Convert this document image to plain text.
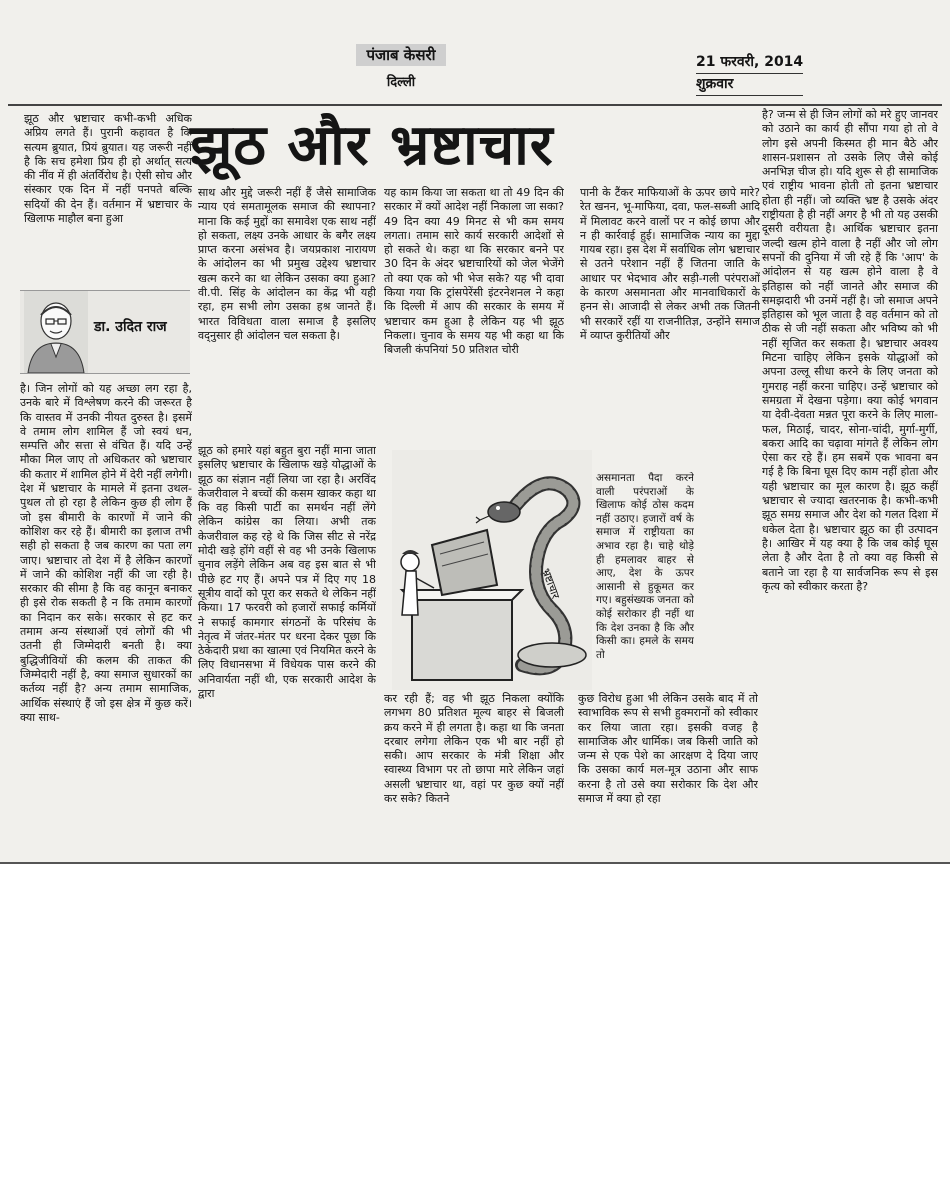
पंजाब केसरी
दिल्ली
21 फरवरी, 2014
शुक्रवार
झूठ और भ्रष्टाचार
झूठ और भ्रष्टाचार कभी-कभी अधिक अप्रिय लगते हैं। पुरानी कहावत है कि सत्यम ब्रुयात, प्रियं ब्रुयात। यह जरूरी नहीं है कि सच हमेशा प्रिय ही हो अर्थात् सत्य की नींव में ही अंतर्विरोध है। ऐसी सोच और संस्कार एक दिन में नहीं पनपते बल्कि सदियों की देन हैं। वर्तमान में भ्रष्टाचार के खिलाफ माहौल बना हुआ
डा. उदित राज
है। जिन लोगों को यह अच्छा लग रहा है, उनके बारे में विश्लेषण करने की जरूरत है कि वास्तव में उनकी नीयत दुरुस्त है। इसमें वे तमाम लोग शामिल हैं जो स्वयं धन, सम्पत्ति और सत्ता से वंचित हैं। यदि उन्हें मौका मिल जाए तो अधिकतर को भ्रष्टाचार की कतार में शामिल होने में देरी नहीं लगेगी। देश में भ्रष्टाचार के मामले में इतना उथल-पुथल तो हो रहा है लेकिन कुछ ही लोग हैं जो इस बीमारी के कारणों में जाने की कोशिश कर रहे हैं। बीमारी का इलाज तभी सही हो सकता है जब कारण का पता लग जाए। भ्रष्टाचार तो देश में है लेकिन कारणों में जाने की कोशिश नहीं की जा रही है। सरकार की सीमा है कि वह कानून बनाकर ही इसे रोक सकती है न कि तमाम कारणों का निदान कर सके। सरकार से हट कर तमाम अन्य संस्थाओं एवं लोगों की भी उतनी ही जिम्मेदारी बनती है। क्या बुद्धिजीवियों की कलम की ताकत की जिम्मेदारी नहीं है, क्या समाज सुधारकों का कर्तव्य नहीं है? अन्य तमाम सामाजिक, आर्थिक संस्थाएं हैं जो इस क्षेत्र में कुछ करें। क्या साथ-
साथ और मुद्दे जरूरी नहीं हैं जैसे सामाजिक न्याय एवं समतामूलक समाज की स्थापना? माना कि कई मुद्दों का समावेश एक साथ नहीं हो सकता, लक्ष्य उनके आधार के बगैर लक्ष्य प्राप्त करना असंभव है। जयप्रकाश नारायण के आंदोलन का भी प्रमुख उद्देश्य भ्रष्टाचार खत्म करने का था लेकिन उसका क्या हुआ? वी.पी. सिंह के आंदोलन का केंद्र भी यही रहा, हम सभी लोग उसका हश्र जानते हैं। भारत विविधता वाला समाज है इसलिए वद्नुसार ही आंदोलन चल सकता है।
झूठ को हमारे यहां बहुत बुरा नहीं माना जाता इसलिए भ्रष्टाचार के खिलाफ खड़े योद्धाओं के झूठ का संज्ञान नहीं लिया जा रहा है। अरविंद केजरीवाल ने बच्चों की कसम खाकर कहा था कि वह किसी पार्टी का समर्थन नहीं लेंगे लेकिन कांग्रेस का लिया। अभी तक केजरीवाल कह रहे थे कि जिस सीट से नरेंद्र मोदी खड़े होंगे वहीं से वह भी उनके खिलाफ चुनाव लड़ेंगे लेकिन अब वह इस बात से भी पीछे हट गए हैं। अपने पत्र में दिए गए 18 सूत्रीय वादों को पूरा कर सकते थे लेकिन नहीं किया। 17 फरवरी को हजारों सफाई कर्मियों ने सफाई कामगार संगठनों के परिसंघ के नेतृत्व में जंतर-मंतर पर धरना देकर पूछा कि ठेकेदारी प्रथा का खात्मा एवं नियमित करने के लिए विधानसभा में विधेयक पास करने की अनिवार्यता नहीं थी, एक सरकारी आदेश के द्वारा
यह काम किया जा सकता था तो 49 दिन की सरकार में क्यों आदेश नहीं निकाला जा सका? 49 दिन क्या 49 मिनट से भी कम समय लगता। तमाम सारे कार्य सरकारी आदेशों से हो सकते थे। कहा था कि सरकार बनने पर 30 दिन के अंदर भ्रष्टाचारियों को जेल भेजेंगे तो क्या एक को भी भेज सके? यह भी दावा किया गया कि ट्रांसपेरेंसी इंटरनेशनल ने कहा कि दिल्ली में आप की सरकार के समय में भ्रष्टाचार कम हुआ है लेकिन यह भी झूठ निकला। चुनाव के समय यह भी कहा था कि बिजली कंपनियां 50 प्रतिशत चोरी
भ्रष्टाचार
कर रही हैं; वह भी झूठ निकला क्योंकि लगभग 80 प्रतिशत मूल्य बाहर से बिजली क्रय करने में ही लगता है। कहा था कि जनता दरबार लगेगा लेकिन एक भी बार नहीं हो सकी। आप सरकार के मंत्री शिक्षा और स्वास्थ्य विभाग पर तो छापा मारे लेकिन जहां असली भ्रष्टाचार था, वहां पर कुछ क्यों नहीं कर सके? कितने
पानी के टैंकर माफियाओं के ऊपर छापे मारे? रेत खनन, भू-माफिया, दवा, फल-सब्जी आदि में मिलावट करने वालों पर न कोई छापा और न ही कार्रवाई हुई। सामाजिक न्याय का मुद्दा गायब रहा। इस देश में सर्वाधिक लोग भ्रष्टाचार से उतने परेशान नहीं हैं जितना जाति के आधार पर भेदभाव और सड़ी-गली परंपराओं के कारण असमानता और मानवाधिकारों के हनन से। आजादी से लेकर अभी तक जितनी भी सरकारें रहीं या राजनीतिज्ञ, उन्होंने समाज में व्याप्त कुरीतियों और
असमानता पैदा करने वाली परंपराओं के खिलाफ कोई ठोस कदम नहीं उठाए। हजारों वर्ष के समाज में राष्ट्रीयता का अभाव रहा है। चाहे थोड़े ही हमलावर बाहर से आए, देश के ऊपर आसानी से हुकूमत कर गए। बहुसंख्यक जनता को कोई सरोकार ही नहीं था कि देश उनका है कि और किसी का। हमले के समय तो
कुछ विरोध हुआ भी लेकिन उसके बाद में तो स्वाभाविक रूप से सभी हुक्मरानों को स्वीकार कर लिया जाता रहा। इसकी वजह है सामाजिक और धार्मिक। जब किसी जाति को जन्म से एक पेशे का आरक्षण दे दिया जाए कि उसका कार्य मल-मूत्र उठाना और साफ करना है तो उसे क्या सरोकार कि देश और समाज में क्या हो रहा
है? जन्म से ही जिन लोगों को मरे हुए जानवर को उठाने का कार्य ही सौंपा गया हो तो वे लोग इसे अपनी किस्मत ही मान बैठे और शासन-प्रशासन तो उसके लिए जैसे कोई अनभिज्ञ चीज हो। यदि शुरू से ही सामाजिक एवं राष्ट्रीय भावना होती तो इतना भ्रष्टाचार होता ही नहीं। जो व्यक्ति भ्रष्ट है उसके अंदर राष्ट्रीयता है ही नहीं अगर है भी तो यह उसकी दूसरी वरीयता है। आर्थिक भ्रष्टाचार इतना जल्दी खत्म होने वाला है नहीं और जो लोग सपनों की दुनिया में जी रहे हैं कि 'आप' के आंदोलन से यह खत्म होने वाला है वे इतिहास को नहीं जानते और समाज की समझदारी भी उनमें नहीं है। जो समाज अपने इतिहास को भूल जाता है वह वर्तमान को तो ठीक से जी नहीं सकता और भविष्य को भी नहीं सृजित कर सकता है। भ्रष्टाचार अवश्य मिटना चाहिए लेकिन इसके योद्धाओं को अपना उल्लू सीधा करने के लिए जनता को गुमराह नहीं करना चाहिए। उन्हें भ्रष्टाचार को समग्रता में देखना पड़ेगा। क्या कोई भगवान या देवी-देवता मन्नत पूरा करने के लिए माला-फल, मिठाई, चादर, सोना-चांदी, मुर्गा-मुर्गी, बकरा आदि का चढ़ावा मांगते हैं लेकिन लोग ऐसा कर रहे हैं। हम सबमें एक भावना बन गई है कि बिना घूस दिए काम नहीं होता और यही भ्रष्टाचार का मूल कारण है। झूठ कहीं भ्रष्टाचार से ज्यादा खतरनाक है। कभी-कभी झूठ समग्र समाज और देश को गलत दिशा में धकेल देता है। भ्रष्टाचार झूठ का ही उत्पादन है। आखिर में यह क्या है कि जब कोई घूस लेता है और देता है तो क्या वह किसी से बताने जा रहा है या सार्वजनिक रूप से इस कृत्य को स्वीकार करता है?
